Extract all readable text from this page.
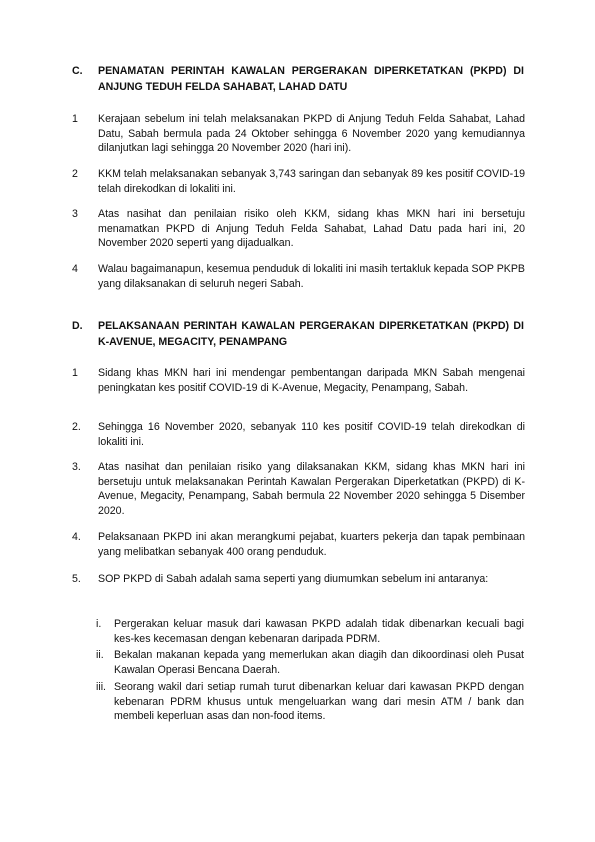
C. PENAMATAN PERINTAH KAWALAN PERGERAKAN DIPERKETATKAN (PKPD) DI ANJUNG TEDUH FELDA SAHABAT, LAHAD DATU
1 Kerajaan sebelum ini telah melaksanakan PKPD di Anjung Teduh Felda Sahabat, Lahad Datu, Sabah bermula pada 24 Oktober sehingga 6 November 2020 yang kemudiannya dilanjutkan lagi sehingga 20 November 2020 (hari ini).
2 KKM telah melaksanakan sebanyak 3,743 saringan dan sebanyak 89 kes positif COVID-19 telah direkodkan di lokaliti ini.
3 Atas nasihat dan penilaian risiko oleh KKM, sidang khas MKN hari ini bersetuju menamatkan PKPD di Anjung Teduh Felda Sahabat, Lahad Datu pada hari ini, 20 November 2020 seperti yang dijadualkan.
4 Walau bagaimanapun, kesemua penduduk di lokaliti ini masih tertakluk kepada SOP PKPB yang dilaksanakan di seluruh negeri Sabah.
D. PELAKSANAAN PERINTAH KAWALAN PERGERAKAN DIPERKETATKAN (PKPD) DI K-AVENUE, MEGACITY, PENAMPANG
1 Sidang khas MKN hari ini mendengar pembentangan daripada MKN Sabah mengenai peningkatan kes positif COVID-19 di K-Avenue, Megacity, Penampang, Sabah.
2. Sehingga 16 November 2020, sebanyak 110 kes positif COVID-19 telah direkodkan di lokaliti ini.
3. Atas nasihat dan penilaian risiko yang dilaksanakan KKM, sidang khas MKN hari ini bersetuju untuk melaksanakan Perintah Kawalan Pergerakan Diperketatkan (PKPD) di K-Avenue, Megacity, Penampang, Sabah bermula 22 November 2020 sehingga 5 Disember 2020.
4. Pelaksanaan PKPD ini akan merangkumi pejabat, kuarters pekerja dan tapak pembinaan yang melibatkan sebanyak 400 orang penduduk.
5. SOP PKPD di Sabah adalah sama seperti yang diumumkan sebelum ini antaranya:
i. Pergerakan keluar masuk dari kawasan PKPD adalah tidak dibenarkan kecuali bagi kes-kes kecemasan dengan kebenaran daripada PDRM.
ii. Bekalan makanan kepada yang memerlukan akan diagih dan dikoordinasi oleh Pusat Kawalan Operasi Bencana Daerah.
iii. Seorang wakil dari setiap rumah turut dibenarkan keluar dari kawasan PKPD dengan kebenaran PDRM khusus untuk mengeluarkan wang dari mesin ATM / bank dan membeli keperluan asas dan non-food items.
